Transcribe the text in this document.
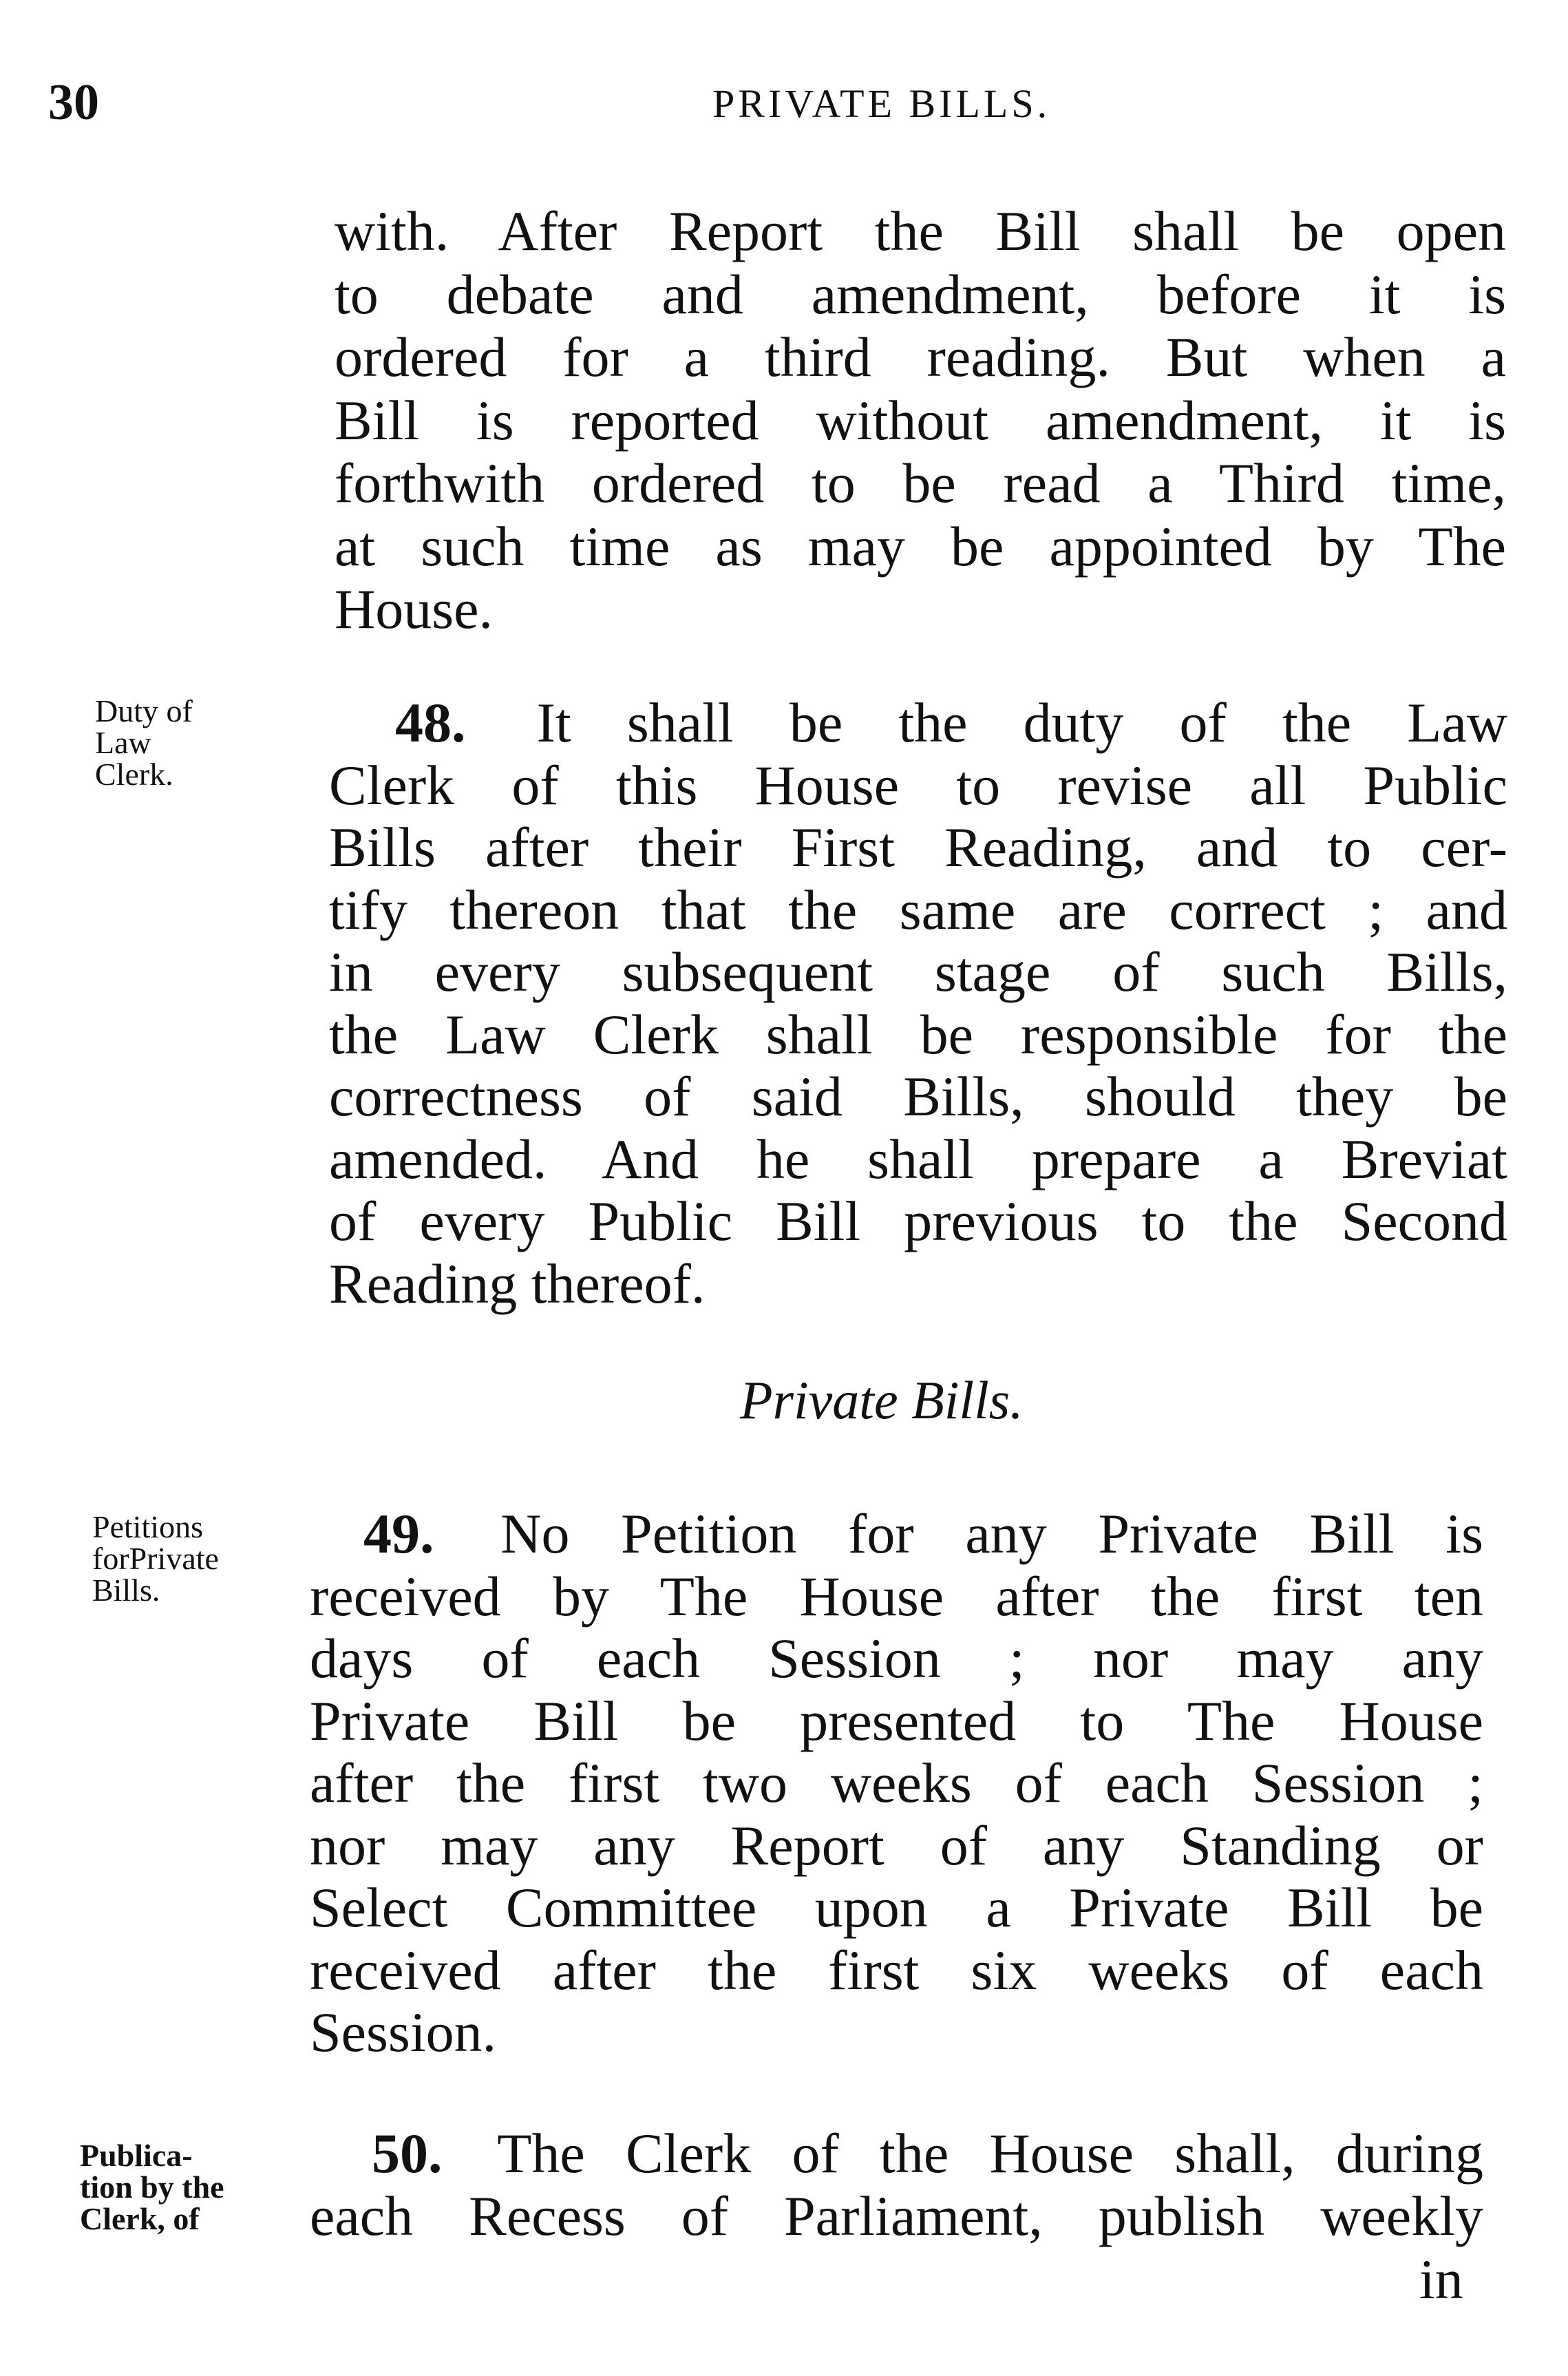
30	PRIVATE BILLS.
with. After Report the Bill shall be open
to debate and amendment, before it is
ordered for a third reading. But when a
Bill is reported without amendment, it is
forthwith ordered to be read a Third time,
at such time as may be appointed by The
House.
Duty of
Law
Clerk.
48. It shall be the duty of the Law
Clerk of this House to revise all Public
Bills after their First Reading, and to cer-
tify thereon that the same are correct ; and
in every subsequent stage of such Bills,
the Law Clerk shall be responsible for the
correctness of said Bills, should they be
amended. And he shall prepare a Breviat
of every Public Bill previous to the Second
Reading thereof.
Private Bills.
Petitions
forPrivate
Bills.
49. No Petition for any Private Bill is
received by The House after the first ten
days of each Session ; nor may any
Private Bill be presented to The House
after the first two weeks of each Session ;
nor may any Report of any Standing or
Select Committee upon a Private Bill be
received after the first six weeks of each
Session.
Publica-
tion by the
Clerk, of
50. The Clerk of the House shall, during
each Recess of Parliament, publish weekly
in
